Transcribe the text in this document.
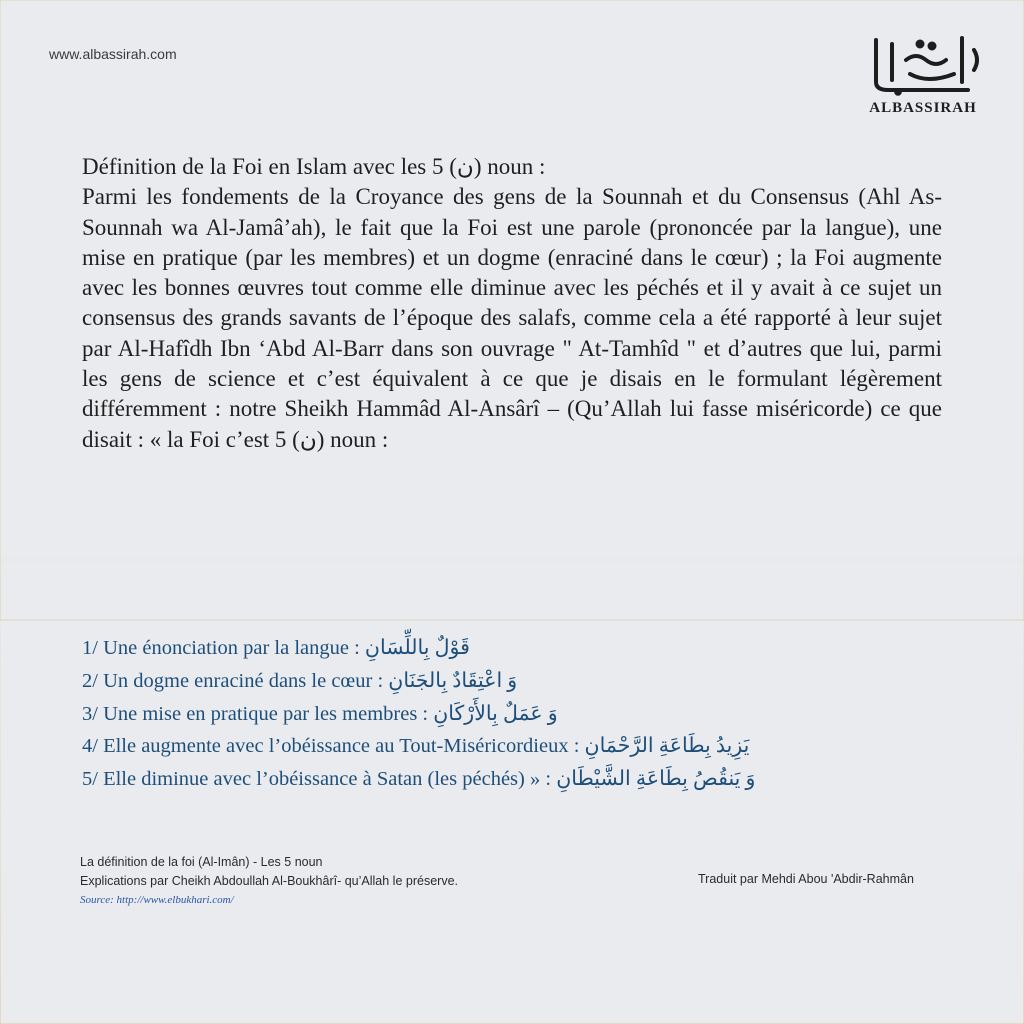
www.albassirah.com
ALBASSIRAH

Définition de la Foi en Islam avec les 5 (ن) noun :

Parmi les fondements de la Croyance des gens de la Sounnah et du Consensus (Ahl As-Sounnah wa Al-Jamâ’ah), le fait que la Foi est une parole (prononcée par la langue), une mise en pratique (par les membres) et un dogme (enraciné dans le cœur) ; la Foi augmente avec les bonnes œuvres tout comme elle diminue avec les péchés et il y avait à ce sujet un consensus des grands savants de l’époque des salafs, comme cela a été rapporté à leur sujet par Al-Hafîdh Ibn ‘Abd Al-Barr dans son ouvrage " At-Tamhîd " et d’autres que lui, parmi les gens de science et c’est équivalent à ce que je disais en le formulant légèrement différemment : notre Sheikh Hammâd Al-Ansârî – (Qu’Allah lui fasse miséricorde) ce que disait : « la Foi c’est 5 (ن) noun :

1/ Une énonciation par la langue : قَوْلٌ بِاللِّسَانِ
2/ Un dogme enraciné dans le cœur : وَ اعْتِقَادٌ بِالجَنَانِ
3/ Une mise en pratique par les membres : وَ عَمَلٌ بِالأَرْكَانِ
4/ Elle augmente avec l’obéissance au Tout-Miséricordieux : يَزِيدُ بِطَاعَةِ الرَّحْمَانِ
5/ Elle diminue avec l’obéissance à Satan (les péchés) » : وَ يَنقُصُ بِطَاعَةِ الشَّيْطَانِ
La définition de la foi (Al-Imân) - Les 5 noun
Explications par Cheikh Abdoullah Al-Boukhârî- qu’Allah le préserve.
Source: http://www.elbukhari.com/
Traduit par Mehdi Abou 'Abdir-Rahmân
